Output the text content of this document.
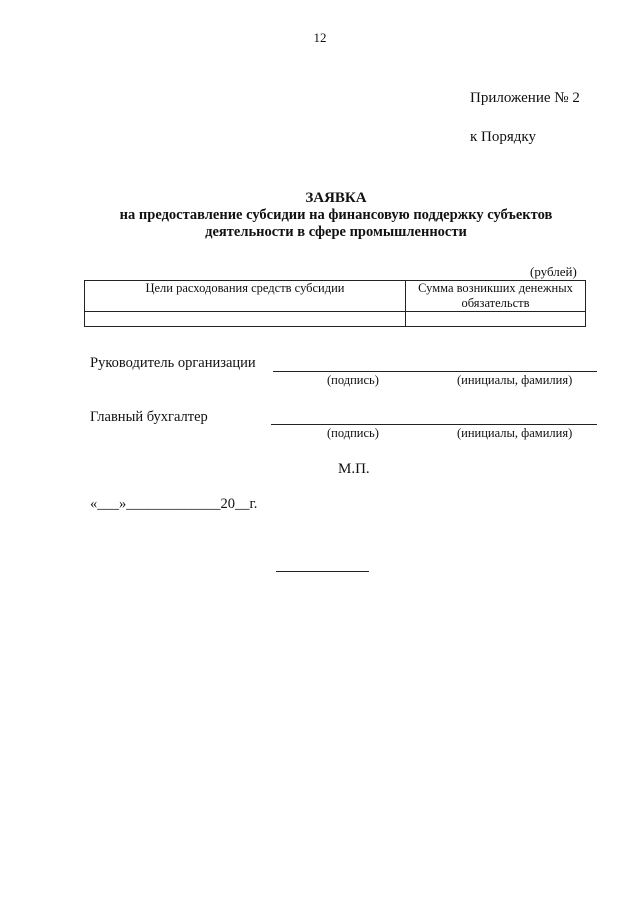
12
Приложение № 2
к Порядку
ЗАЯВКА
на предоставление субсидии на финансовую поддержку субъектов
деятельности в сфере промышленности
(рублей)
Цели расходования средств субсидии	Сумма возникших денежных обязательств

Руководитель организации
(подпись)	(инициалы, фамилия)
Главный бухгалтер
(подпись)	(инициалы, фамилия)
М.П.
«___»_____________20__г.
